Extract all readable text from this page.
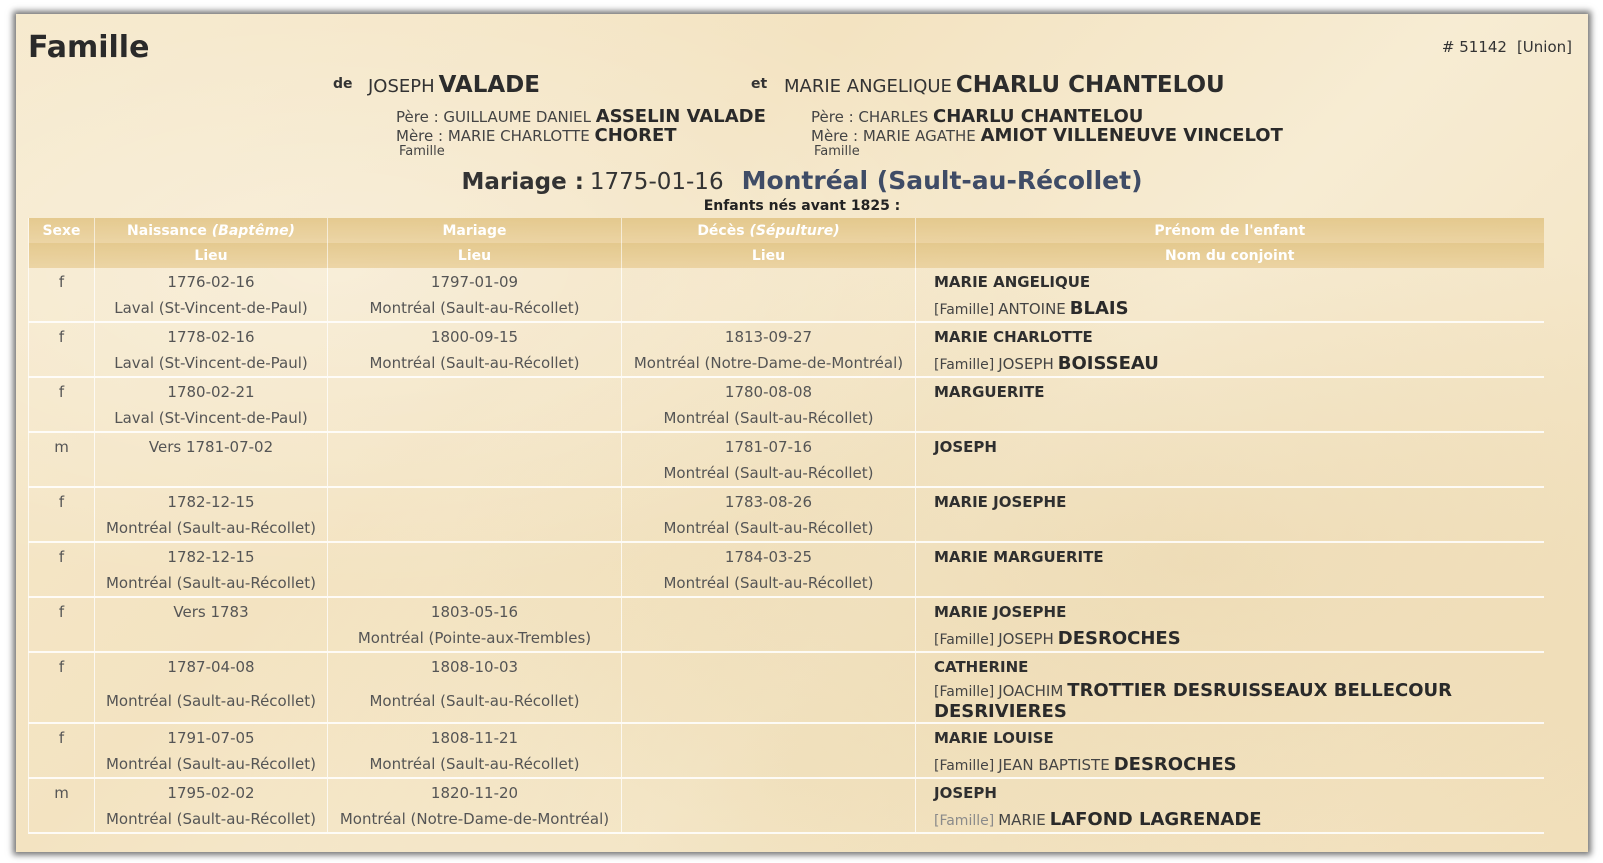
Famille	# 51142 [Union]
de JOSEPH VALADE
Père : GUILLAUME DANIEL ASSELIN VALADE
Mère : MARIE CHARLOTTE CHORET
Famille
et MARIE ANGELIQUE CHARLU CHANTELOU
Père : CHARLES CHARLU CHANTELOU
Mère : MARIE AGATHE AMIOT VILLENEUVE VINCELOT
Famille
Mariage : 1775-01-16 Montréal (Sault-au-Récollet)
Enfants nés avant 1825 :
Sexe	Naissance (Baptême)	Mariage	Décès (Sépulture)	Prénom de l'enfant
	Lieu	Lieu	Lieu	Nom du conjoint
f	1776-02-16	1797-01-09		MARIE ANGELIQUE
	Laval (St-Vincent-de-Paul)	Montréal (Sault-au-Récollet)		[Famille] ANTOINE BLAIS
f	1778-02-16	1800-09-15	1813-09-27	MARIE CHARLOTTE
	Laval (St-Vincent-de-Paul)	Montréal (Sault-au-Récollet)	Montréal (Notre-Dame-de-Montréal)	[Famille] JOSEPH BOISSEAU
f	1780-02-21		1780-08-08	MARGUERITE
	Laval (St-Vincent-de-Paul)		Montréal (Sault-au-Récollet)	
m	Vers 1781-07-02		1781-07-16	JOSEPH
			Montréal (Sault-au-Récollet)	
f	1782-12-15		1783-08-26	MARIE JOSEPHE
	Montréal (Sault-au-Récollet)		Montréal (Sault-au-Récollet)	
f	1782-12-15		1784-03-25	MARIE MARGUERITE
	Montréal (Sault-au-Récollet)		Montréal (Sault-au-Récollet)	
f	Vers 1783	1803-05-16		MARIE JOSEPHE
		Montréal (Pointe-aux-Trembles)		[Famille] JOSEPH DESROCHES
f	1787-04-08	1808-10-03		CATHERINE
	Montréal (Sault-au-Récollet)	Montréal (Sault-au-Récollet)		[Famille] JOACHIM TROTTIER DESRUISSEAUX BELLECOUR DESRIVIERES
f	1791-07-05	1808-11-21		MARIE LOUISE
	Montréal (Sault-au-Récollet)	Montréal (Sault-au-Récollet)		[Famille] JEAN BAPTISTE DESROCHES
m	1795-02-02	1820-11-20		JOSEPH
	Montréal (Sault-au-Récollet)	Montréal (Notre-Dame-de-Montréal)		[Famille] MARIE LAFOND LAGRENADE
